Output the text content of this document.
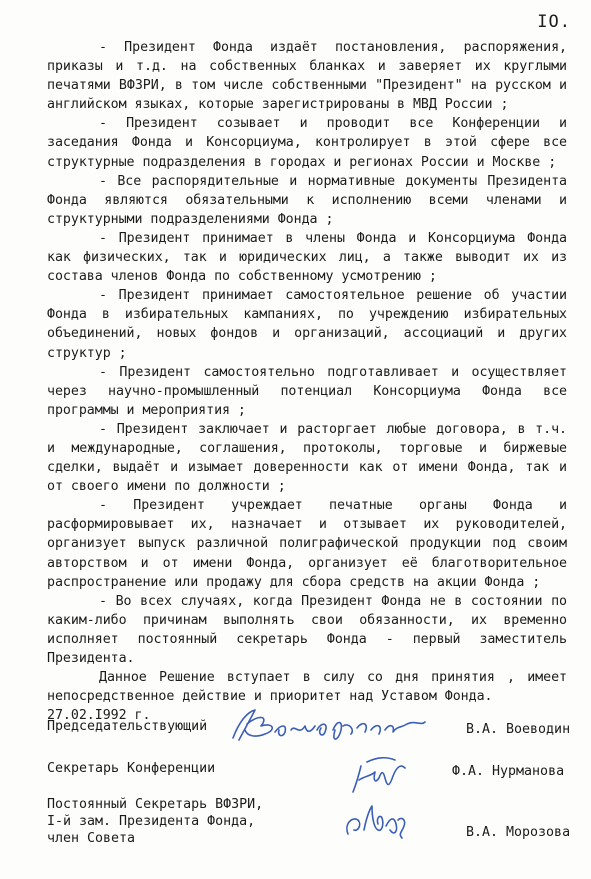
IO.

- Президент Фонда издаёт постановления, распоряжения, приказы и т.д. на собственных бланках и заверяет их круглыми печатями ВФЗРИ, в том числе собственными "Президент" на русском и английском языках, которые зарегистрированы в МВД России ;

- Президент созывает и проводит все Конференции и заседания Фонда и Консорциума, контролирует в этой сфере все структурные подразделения в городах и регионах России и Москве ;

- Все распорядительные и нормативные документы Президента Фонда являются обязательными к исполнению всеми членами и структурными подразделениями Фонда ;

- Президент принимает в члены Фонда и Консорциума Фонда как физических, так и юридических лиц, а также выводит их из состава членов Фонда по собственному усмотрению ;

- Президент принимает самостоятельное решение об участии Фонда в избирательных кампаниях, по учреждению избирательных объединений, новых фондов и организаций, ассоциаций и других структур ;

- Президент самостоятельно подготавливает и осуществляет через научно-промышленный потенциал Консорциума Фонда все программы и мероприятия ;

- Президент заключает и расторгает любые договора, в т.ч. и международные, соглашения, протоколы, торговые и биржевые сделки, выдаёт и изымает доверенности как от имени Фонда, так и от своего имени по должности ;

- Президент учреждает печатные органы Фонда и расформировывает их, назначает и отзывает их руководителей, организует выпуск различной полиграфической продукции под своим авторством и от имени Фонда, организует её благотворительное распространение или продажу для сбора средств на акции Фонда ;

- Во всех случаях, когда Президент Фонда не в состоянии по каким-либо причинам выполнять свои обязанности, их временно исполняет постоянный секретарь Фонда - первый заместитель Президента.

Данное Решение вступает в силу со дня принятия , имеет непосредственное действие и приоритет над Уставом Фонда.

27.02.I992 г.

Председательствующий	В.А. Воеводин
Секретарь Конференции	Ф.А. Нурманова
Постоянный Секретарь ВФЗРИ,
I-й зам. Президента Фонда,
член Совета	В.А. Морозова
